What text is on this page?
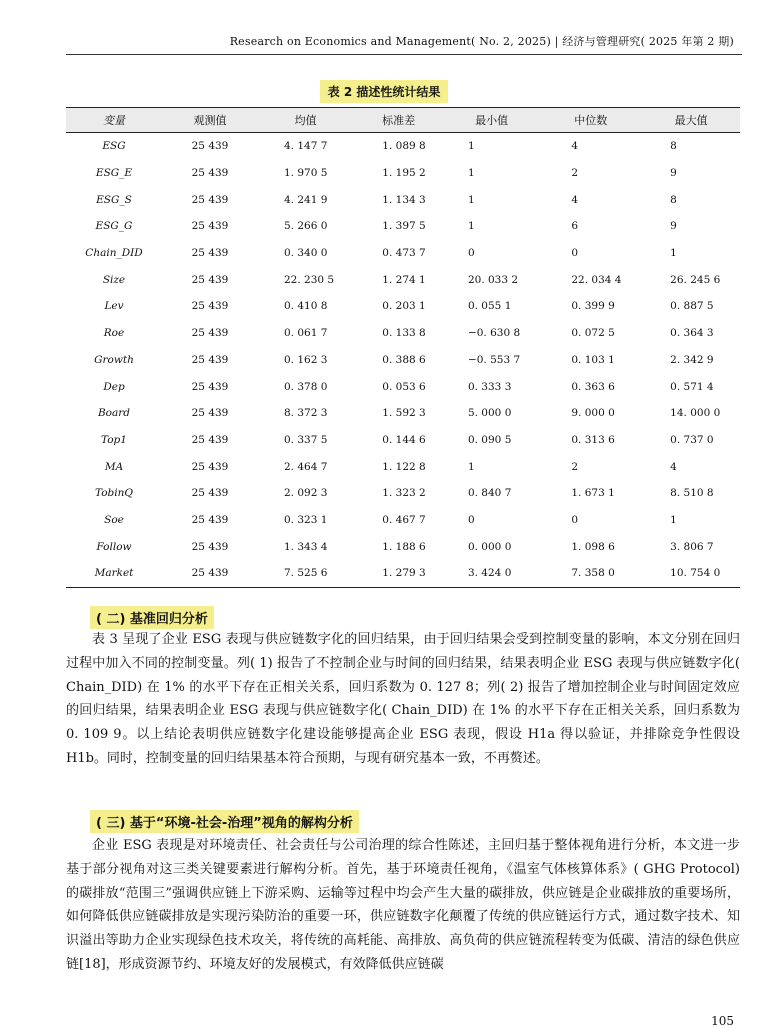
Research on Economics and Management( No. 2, 2025) | 经济与管理研究( 2025 年第 2 期)
表 2 描述性统计结果
变量	观测值	均值	标准差	最小值	中位数	最大值
ESG	25 439	4. 147 7	1. 089 8	1	4	8
ESG_E	25 439	1. 970 5	1. 195 2	1	2	9
ESG_S	25 439	4. 241 9	1. 134 3	1	4	8
ESG_G	25 439	5. 266 0	1. 397 5	1	6	9
Chain_DID	25 439	0. 340 0	0. 473 7	0	0	1
Size	25 439	22. 230 5	1. 274 1	20. 033 2	22. 034 4	26. 245 6
Lev	25 439	0. 410 8	0. 203 1	0. 055 1	0. 399 9	0. 887 5
Roe	25 439	0. 061 7	0. 133 8	−0. 630 8	0. 072 5	0. 364 3
Growth	25 439	0. 162 3	0. 388 6	−0. 553 7	0. 103 1	2. 342 9
Dep	25 439	0. 378 0	0. 053 6	0. 333 3	0. 363 6	0. 571 4
Board	25 439	8. 372 3	1. 592 3	5. 000 0	9. 000 0	14. 000 0
Top1	25 439	0. 337 5	0. 144 6	0. 090 5	0. 313 6	0. 737 0
MA	25 439	2. 464 7	1. 122 8	1	2	4
TobinQ	25 439	2. 092 3	1. 323 2	0. 840 7	1. 673 1	8. 510 8
Soe	25 439	0. 323 1	0. 467 7	0	0	1
Follow	25 439	1. 343 4	1. 188 6	0. 000 0	1. 098 6	3. 806 7
Market	25 439	7. 525 6	1. 279 3	3. 424 0	7. 358 0	10. 754 0
( 二) 基准回归分析

表 3 呈现了企业 ESG 表现与供应链数字化的回归结果，由于回归结果会受到控制变量的影响，本文分别在回归过程中加入不同的控制变量。列( 1) 报告了不控制企业与时间的回归结果，结果表明企业 ESG 表现与供应链数字化( Chain_DID) 在 1% 的水平下存在正相关关系，回归系数为 0. 127 8；列( 2) 报告了增加控制企业与时间固定效应的回归结果，结果表明企业 ESG 表现与供应链数字化( Chain_DID) 在 1% 的水平下存在正相关关系，回归系数为 0. 109 9。以上结论表明供应链数字化建设能够提高企业 ESG 表现，假设 H1a 得以验证，并排除竞争性假设 H1b。同时，控制变量的回归结果基本符合预期，与现有研究基本一致，不再赘述。

( 三) 基于“环境-社会-治理”视角的解构分析

企业 ESG 表现是对环境责任、社会责任与公司治理的综合性陈述，主回归基于整体视角进行分析，本文进一步基于部分视角对这三类关键要素进行解构分析。首先，基于环境责任视角，《温室气体核算体系》( GHG Protocol) 的碳排放“范围三”强调供应链上下游采购、运输等过程中均会产生大量的碳排放，供应链是企业碳排放的重要场所，如何降低供应链碳排放是实现污染防治的重要一环，供应链数字化颠覆了传统的供应链运行方式，通过数字技术、知识溢出等助力企业实现绿色技术攻关，将传统的高耗能、高排放、高负荷的供应链流程转变为低碳、清洁的绿色供应链[18]，形成资源节约、环境友好的发展模式，有效降低供应链碳

105
